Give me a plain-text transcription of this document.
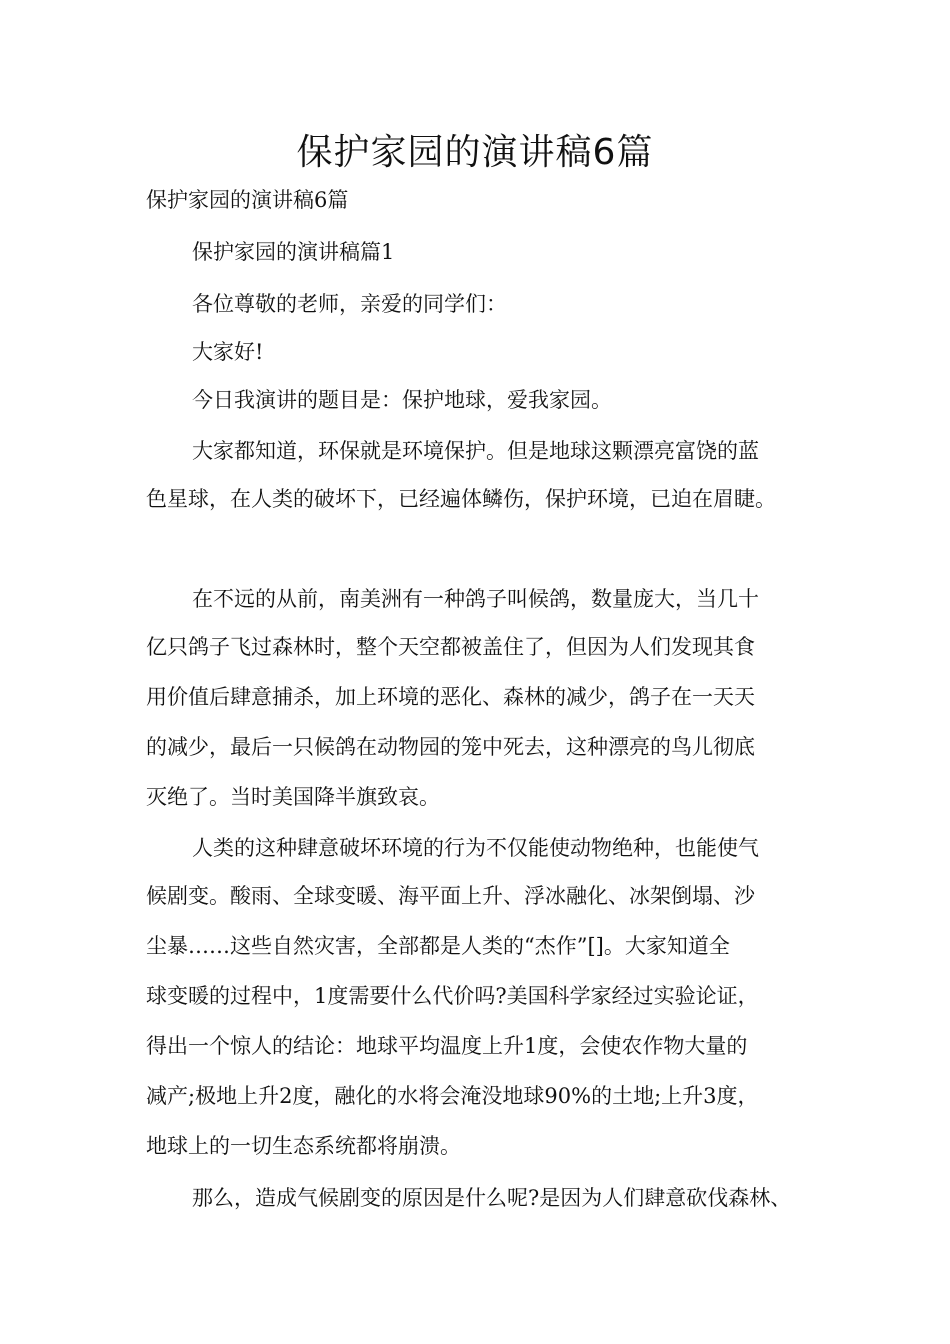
保护家园的演讲稿6篇

保护家园的演讲稿6篇

保护家园的演讲稿篇1

各位尊敬的老师，亲爱的同学们：

大家好!

今日我演讲的题目是：保护地球，爱我家园。

大家都知道，环保就是环境保护。但是地球这颗漂亮富饶的蓝

色星球，在人类的破坏下，已经遍体鳞伤，保护环境，已迫在眉睫。

在不远的从前，南美洲有一种鸽子叫候鸽，数量庞大，当几十

亿只鸽子飞过森林时，整个天空都被盖住了，但因为人们发现其食

用价值后肆意捕杀，加上环境的恶化、森林的减少，鸽子在一天天

的减少，最后一只候鸽在动物园的笼中死去，这种漂亮的鸟儿彻底

灭绝了。当时美国降半旗致哀。

人类的这种肆意破坏环境的行为不仅能使动物绝种，也能使气

候剧变。酸雨、全球变暖、海平面上升、浮冰融化、冰架倒塌、沙

尘暴……这些自然灾害，全部都是人类的“杰作”[]。大家知道全

球变暖的过程中，1度需要什么代价吗?美国科学家经过实验论证，

得出一个惊人的结论：地球平均温度上升1度，会使农作物大量的

减产;极地上升2度，融化的水将会淹没地球90%的土地;上升3度，

地球上的一切生态系统都将崩溃。

那么，造成气候剧变的原因是什么呢?是因为人们肆意砍伐森林、
